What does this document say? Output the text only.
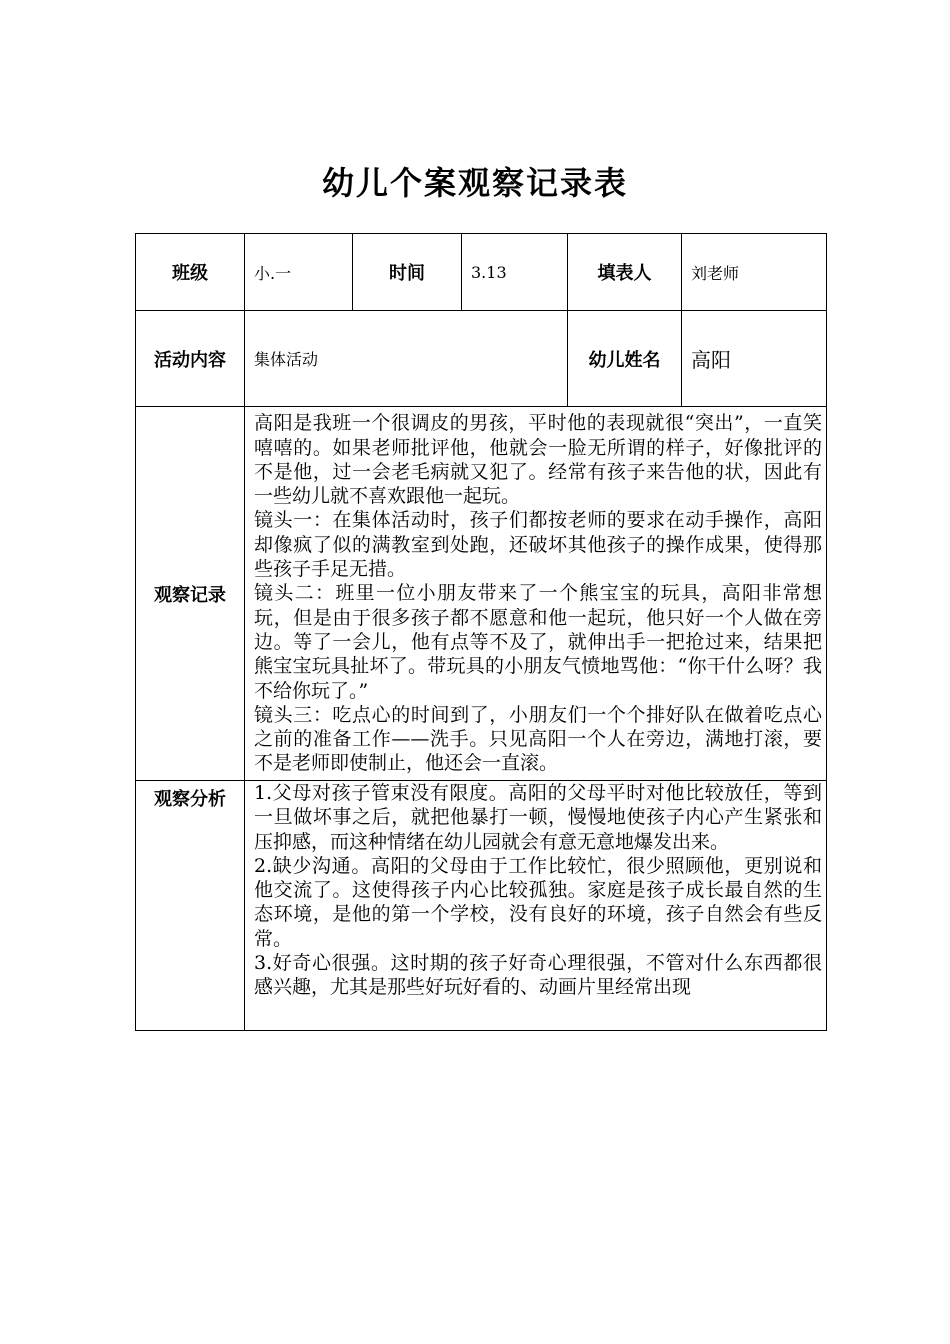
幼儿个案观察记录表
班级	小.一	时间	3.13	填表人	刘老师
活动内容	集体活动			幼儿姓名	高阳
观察记录	高阳是我班一个很调皮的男孩，平时他的表现就很“突出”，一直笑嘻嘻的。如果老师批评他，他就会一脸无所谓的样子，好像批评的不是他，过一会老毛病就又犯了。经常有孩子来告他的状，因此有一些幼儿就不喜欢跟他一起玩。

镜头一：在集体活动时，孩子们都按老师的要求在动手操作，高阳却像疯了似的满教室到处跑，还破坏其他孩子的操作成果，使得那些孩子手足无措。

镜头二：班里一位小朋友带来了一个熊宝宝的玩具，高阳非常想玩，但是由于很多孩子都不愿意和他一起玩，他只好一个人做在旁边。等了一会儿，他有点等不及了，就伸出手一把抢过来，结果把熊宝宝玩具扯坏了。带玩具的小朋友气愤地骂他：“你干什么呀？我不给你玩了。”

镜头三：吃点心的时间到了，小朋友们一个个排好队在做着吃点心之前的准备工作——洗手。只见高阳一个人在旁边，满地打滚，要不是老师即使制止，他还会一直滚。				

观察分析	1.父母对孩子管束没有限度。高阳的父母平时对他比较放任，等到一旦做坏事之后，就把他暴打一顿，慢慢地使孩子内心产生紧张和压抑感，而这种情绪在幼儿园就会有意无意地爆发出来。

2.缺少沟通。高阳的父母由于工作比较忙，很少照顾他，更别说和他交流了。这使得孩子内心比较孤独。家庭是孩子成长最自然的生态环境，是他的第一个学校，没有良好的环境，孩子自然会有些反常。

3.好奇心很强。这时期的孩子好奇心理很强，不管对什么东西都很感兴趣，尤其是那些好玩好看的、动画片里经常出现				
